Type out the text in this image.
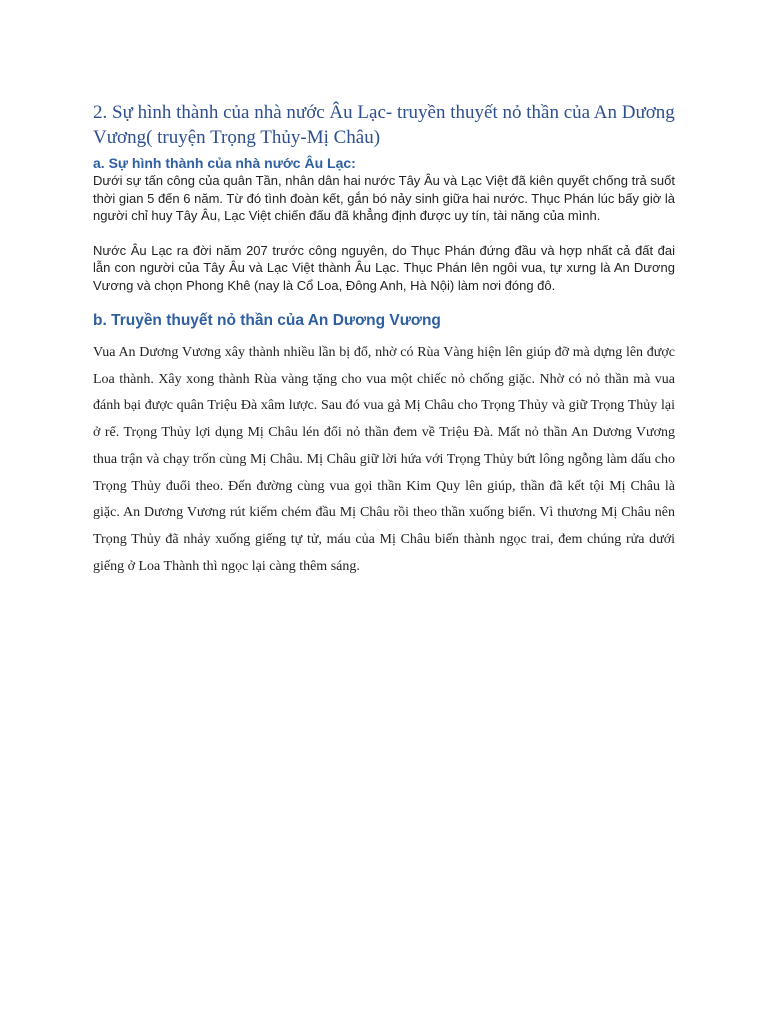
2. Sự hình thành của nhà nước Âu Lạc- truyền thuyết nỏ thần của An Dương Vương( truyện Trọng Thủy-Mị Châu)
a. Sự hình thành của nhà nước Âu Lạc:

Dưới sự tấn công của quân Tần, nhân dân hai nước Tây Âu và Lạc Việt đã kiên quyết chống trả suốt thời gian 5 đến 6 năm. Từ đó tình đoàn kết, gắn bó nảy sinh giữa hai nước. Thục Phán lúc bấy giờ là người chỉ huy Tây Âu, Lạc Việt chiến đấu đã khẳng định được uy tín, tài năng của mình.

Nước Âu Lạc ra đời năm 207 trước công nguyên, do Thục Phán đứng đầu và hợp nhất cả đất đai lẫn con người của Tây Âu và Lạc Việt thành Âu Lạc. Thục Phán lên ngôi vua, tự xưng là An Dương Vương và chọn Phong Khê (nay là Cổ Loa, Đông Anh, Hà Nội) làm nơi đóng đô.

b. Truyền thuyết nỏ thần của An Dương Vương

Vua An Dương Vương xây thành nhiều lần bị đổ, nhờ có Rùa Vàng hiện lên giúp đỡ mà dựng lên được Loa thành. Xây xong thành Rùa vàng tặng cho vua một chiếc nỏ chống giặc. Nhờ có nỏ thần mà vua đánh bại được quân Triệu Đà xâm lược. Sau đó vua gả Mị Châu cho Trọng Thủy và giữ Trọng Thủy lại ở rể. Trọng Thủy lợi dụng Mị Châu lén đổi nỏ thần đem về Triệu Đà. Mất nỏ thần An Dương Vương thua trận và chạy trốn cùng Mị Châu. Mị Châu giữ lời hứa với Trọng Thủy bứt lông ngỗng làm dấu cho Trọng Thủy đuổi theo. Đến đường cùng vua gọi thần Kim Quy lên giúp, thần đã kết tội Mị Châu là giặc. An Dương Vương rút kiếm chém đầu Mị Châu rồi theo thần xuống biển. Vì thương Mị Châu nên Trọng Thủy đã nhảy xuống giếng tự tử, máu của Mị Châu biến thành ngọc trai, đem chúng rửa dưới giếng ở Loa Thành thì ngọc lại càng thêm sáng.
